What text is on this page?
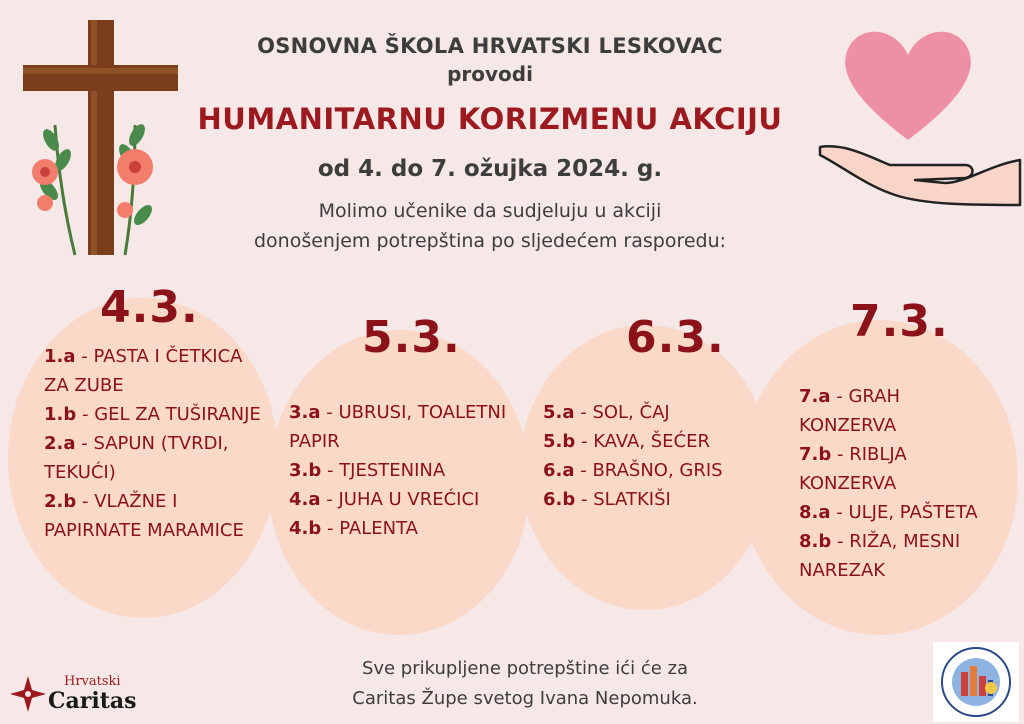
OSNOVNA ŠKOLA HRVATSKI LESKOVAC
provodi
HUMANITARNU KORIZMENU AKCIJU
od 4. do 7. ožujka 2024. g.
Molimo učenike da sudjeluju u akciji
donošenjem potrepština po sljedećem rasporedu:
4.3.
1.a - PASTA I ČETKICA ZA ZUBE
1.b - GEL ZA TUŠIRANJE
2.a - SAPUN (TVRDI, TEKUĆI)
2.b - VLAŽNE I PAPIRNATE MARAMICE
5.3.
3.a - UBRUSI, TOALETNI PAPIR
3.b - TJESTENINA
4.a - JUHA U VREĆICI
4.b - PALENTA
6.3.
5.a - SOL, ČAJ
5.b - KAVA, ŠEĆER
6.a - BRAŠNO, GRIS
6.b - SLATKIŠI
7.3.
7.a - GRAH KONZERVA
7.b - RIBLJA KONZERVA
8.a - ULJE, PAŠTETA
8.b - RIŽA, MESNI NAREZAK
Sve prikupljene potrepštine ići će za
Caritas Župe svetog Ivana Nepomuka.
Hrvatski
Caritas
